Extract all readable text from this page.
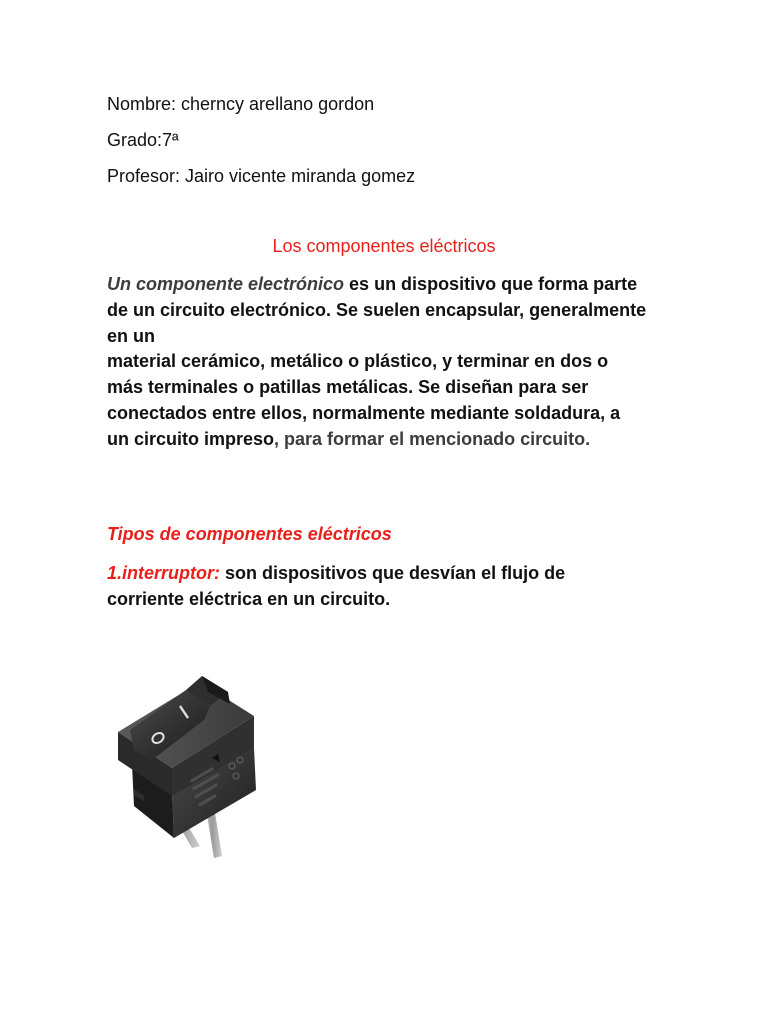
Nombre: cherncy arellano gordon

Grado:7ª

Profesor: Jairo vicente miranda gomez

Los componentes eléctricos

Un componente electrónico es un dispositivo que forma parte de un circuito electrónico. Se suelen encapsular, generalmente en un
material cerámico, metálico o plástico, y terminar en dos o más terminales o patillas metálicas. Se diseñan para ser conectados entre ellos, normalmente mediante soldadura, a un circuito impreso, para formar el mencionado circuito.

Tipos de componentes eléctricos

1.interruptor: son dispositivos que desvían el flujo de corriente eléctrica en un circuito.
